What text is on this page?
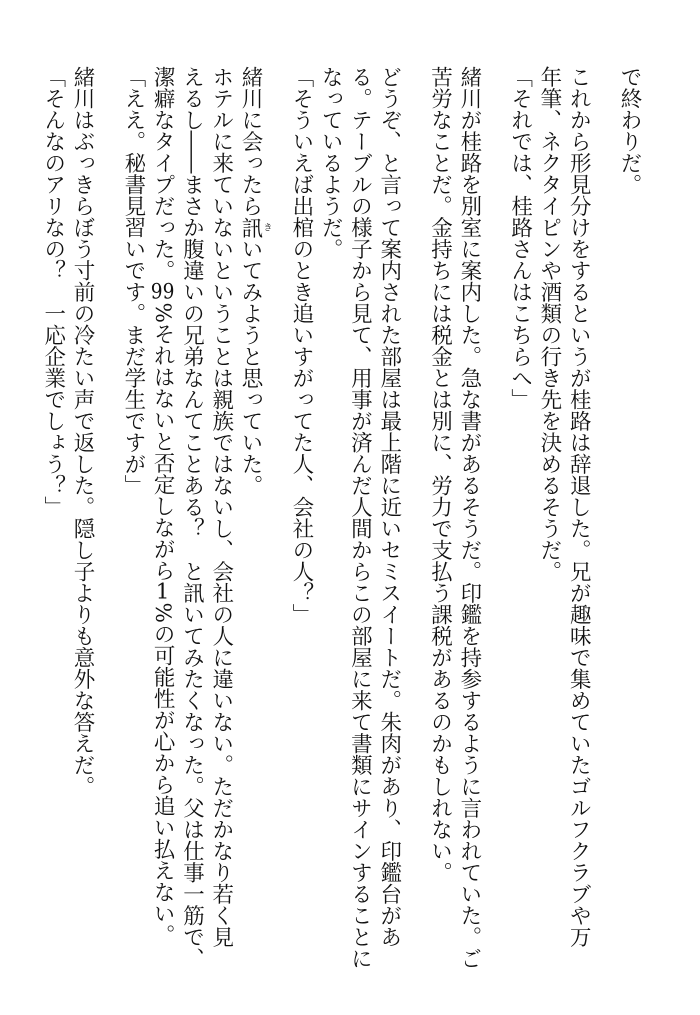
で終わりだ。

これから形見分けをするというが桂路は辞退した。兄が趣味で集めていたゴルフクラブや万

年筆、ネクタイピンや酒類の行き先を決めるそうだ。

「それでは、桂路さんはこちらへ」

緒川が桂路を別室に案内した。急な書があるそうだ。印鑑を持参するように言われていた。ご

苦労なことだ。金持ちには税金とは別に、労力で支払う課税があるのかもしれない。

どうぞ、と言って案内された部屋は最上階に近いセミスイートだ。朱肉があり、印鑑台があ

る。テーブルの様子から見て、用事が済んだ人間からこの部屋に来て書類にサインすることに

なっているようだ。

「そういえば出棺のとき追いすがってた人、会社の人？」

緒川に会ったら訊きいてみようと思っていた。

ホテルに来ていないということは親族ではないし、会社の人に違いない。ただかなり若く見

えるし――まさか腹違いの兄弟なんてことある？　と訊いてみたくなった。父は仕事一筋で、

潔癖なタイプだった。99%それはないと否定しながら1%の可能性が心から追い払えない。

「ええ。秘書見習いです。まだ学生ですが」

緒川はぶっきらぼう寸前の冷たい声で返した。隠し子よりも意外な答えだ。

「そんなのアリなの？　一応企業でしょう？」
